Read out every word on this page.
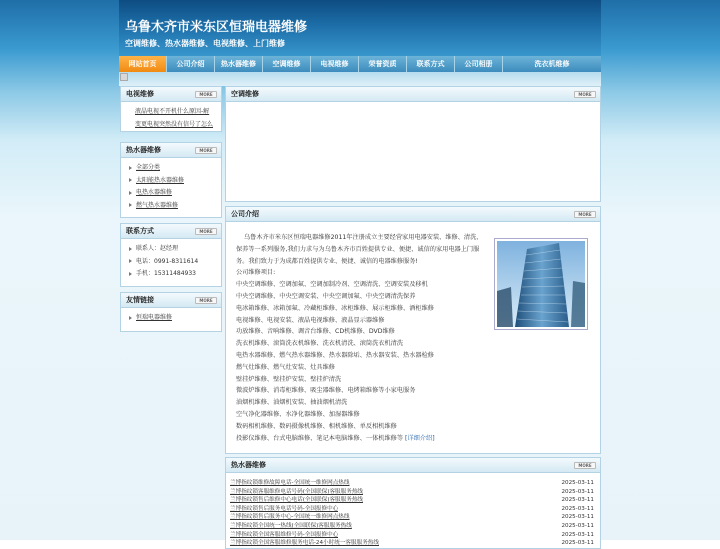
乌鲁木齐市米东区恒瑞电器维修
空调维修、热水器维修、电视维修、上门维修
网站首页	公司介绍	热水器维修	空调维修	电视维修	荣誉资质	联系方式	公司相册	洗衣机维修
电视维修	MORE
液晶电视不开机什么原因-解
变更电视突然没有信号了怎么
热水器维修	MORE
全部分类
太阳能热水器维修
电热水器维修
燃气热水器维修
联系方式	MORE
联系人：赵经理
电话：0991-8311614
手机：15311484933
友情链接	MORE
恒瑞电器维修
空调维修	MORE
公司介绍	MORE

乌鲁木齐市米东区恒瑞电器维修2011年注册成立主要经营家用电器安装、维修、清洗、保养等一系列服务,我们力求与为乌鲁木齐市百姓提供专业、便捷、诚信的家用电器上门服务。我们致力于为成都百姓提供专业、便捷、诚信的电器维修服务!

公司维修项目:

中央空调维修、空调加氟、空调加制冷剂、空调清洗、空调安装及移机

中央空调维修、中央空调安装、中央空调加氟、中央空调清洗保养

电冰箱维修、冰箱加氟、冷藏柜维修、冰柜维修、展示柜维修、酒柜维修

电视维修、电视安装、液晶电视维修、液晶显示器维修

功放维修、音响维修、调音台维修、CD机维修、DVD维修

洗衣机维修、滚筒洗衣机维修、洗衣机清洗、滚筒洗衣机清洗

电热水器维修、燃气热水器维修、热水器除垢、热水器安装、热水器检修

燃气灶维修、燃气灶安装、灶具维修

壁挂炉维修、壁挂炉安装、壁挂炉清洗

微波炉维修、消毒柜维修、吸尘器维修、电烤箱维修等小家电服务

油烟机维修、油烟机安装、抽油烟机清洗

空气净化器维修、水净化器维修、加湿器维修

数码相机维修、数码摄像机维修、相机维修、单反相机维修

投影仪维修、台式电脑维修、笔记本电脑维修、一体机维修等 [详细介绍]

热水器维修	MORE
兰博指纹锁维修故障电话-全国统一维修网点热线	2025-03-11
兰博指纹锁客服维修电话号码(全国联保)客服服务热线	2025-03-11
兰博指纹锁售后维修中心电话(全国联保)客服服务热线	2025-03-11
兰博指纹锁售后服务电话号码-全国报修中心	2025-03-11
兰博指纹锁售后服务中心-全国统一维修网点热线	2025-03-11
兰博指纹锁全国统一热线(全国联保)客服服务热线	2025-03-11
兰博指纹锁全国客服维修号码-全国报修中心	2025-03-11
兰博指纹锁全国客服维修服务电话-24小时统一客服服务热线	2025-03-11
